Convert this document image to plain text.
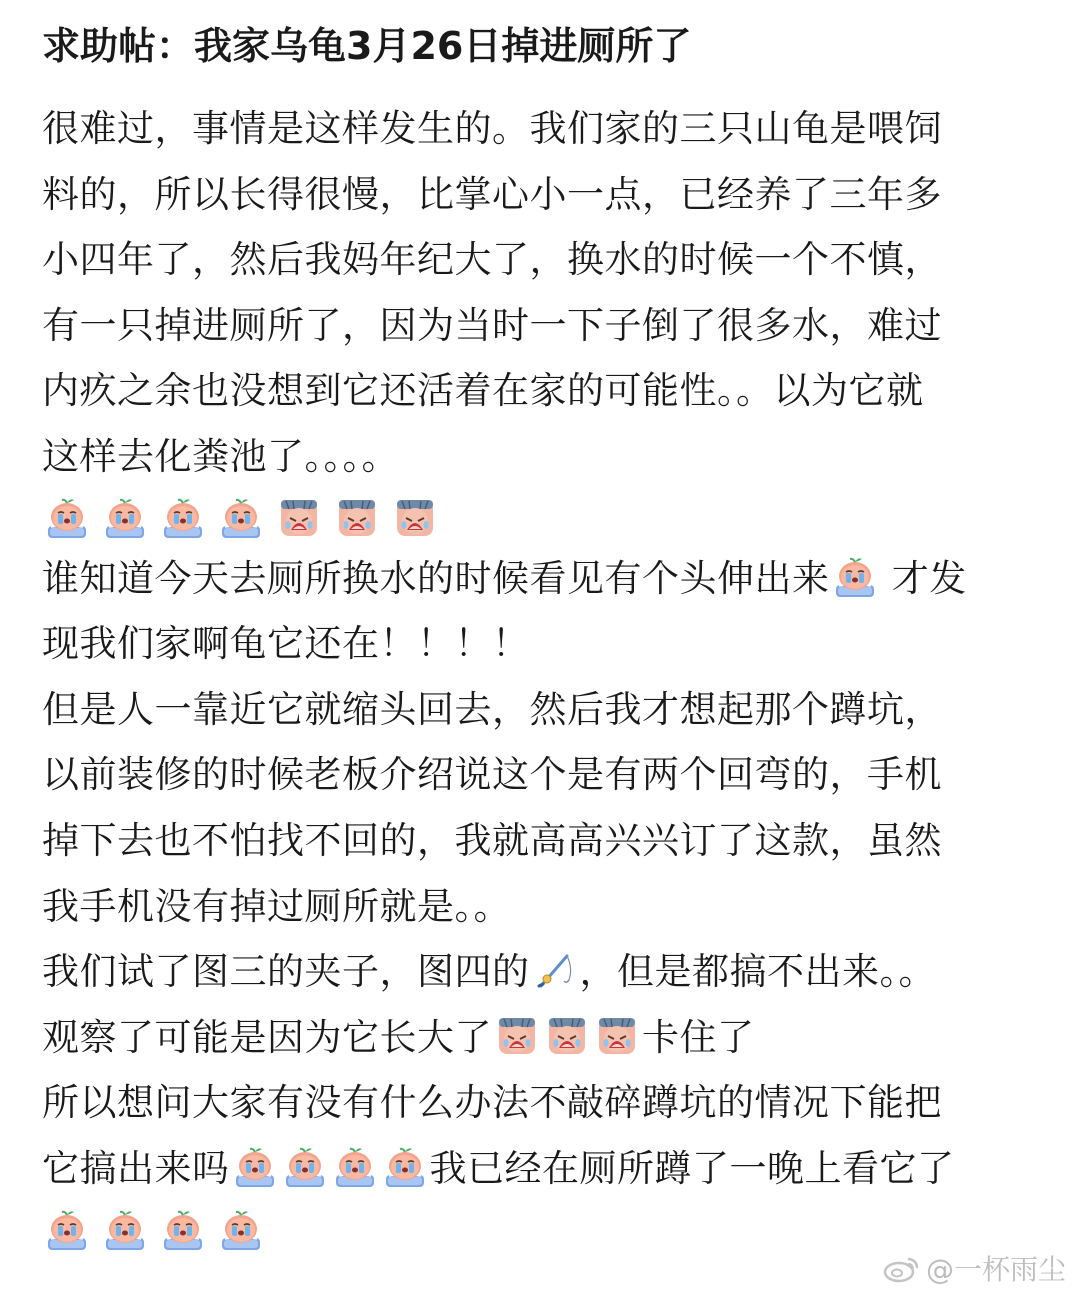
求助帖：我家乌龟3月26日掉进厕所了
很难过，事情是这样发生的。我们家的三只山龟是喂饲
料的，所以长得很慢，比掌心小一点，已经养了三年多
小四年了，然后我妈年纪大了，换水的时候一个不慎，
有一只掉进厕所了，因为当时一下子倒了很多水，难过
内疚之余也没想到它还活着在家的可能性。。以为它就
这样去化粪池了。。。。
谁知道今天去厕所换水的时候看见有个头伸出来 才发
现我们家啊龟它还在！！！！
但是人一靠近它就缩头回去，然后我才想起那个蹲坑，
以前装修的时候老板介绍说这个是有两个回弯的，手机
掉下去也不怕找不回的，我就高高兴兴订了这款，虽然
我手机没有掉过厕所就是。。
我们试了图三的夹子，图四的 ，但是都搞不出来。。
观察了可能是因为它长大了	卡住了
所以想问大家有没有什么办法不敲碎蹲坑的情况下能把
它搞出来吗	我已经在厕所蹲了一晚上看它了
@一杯雨尘
